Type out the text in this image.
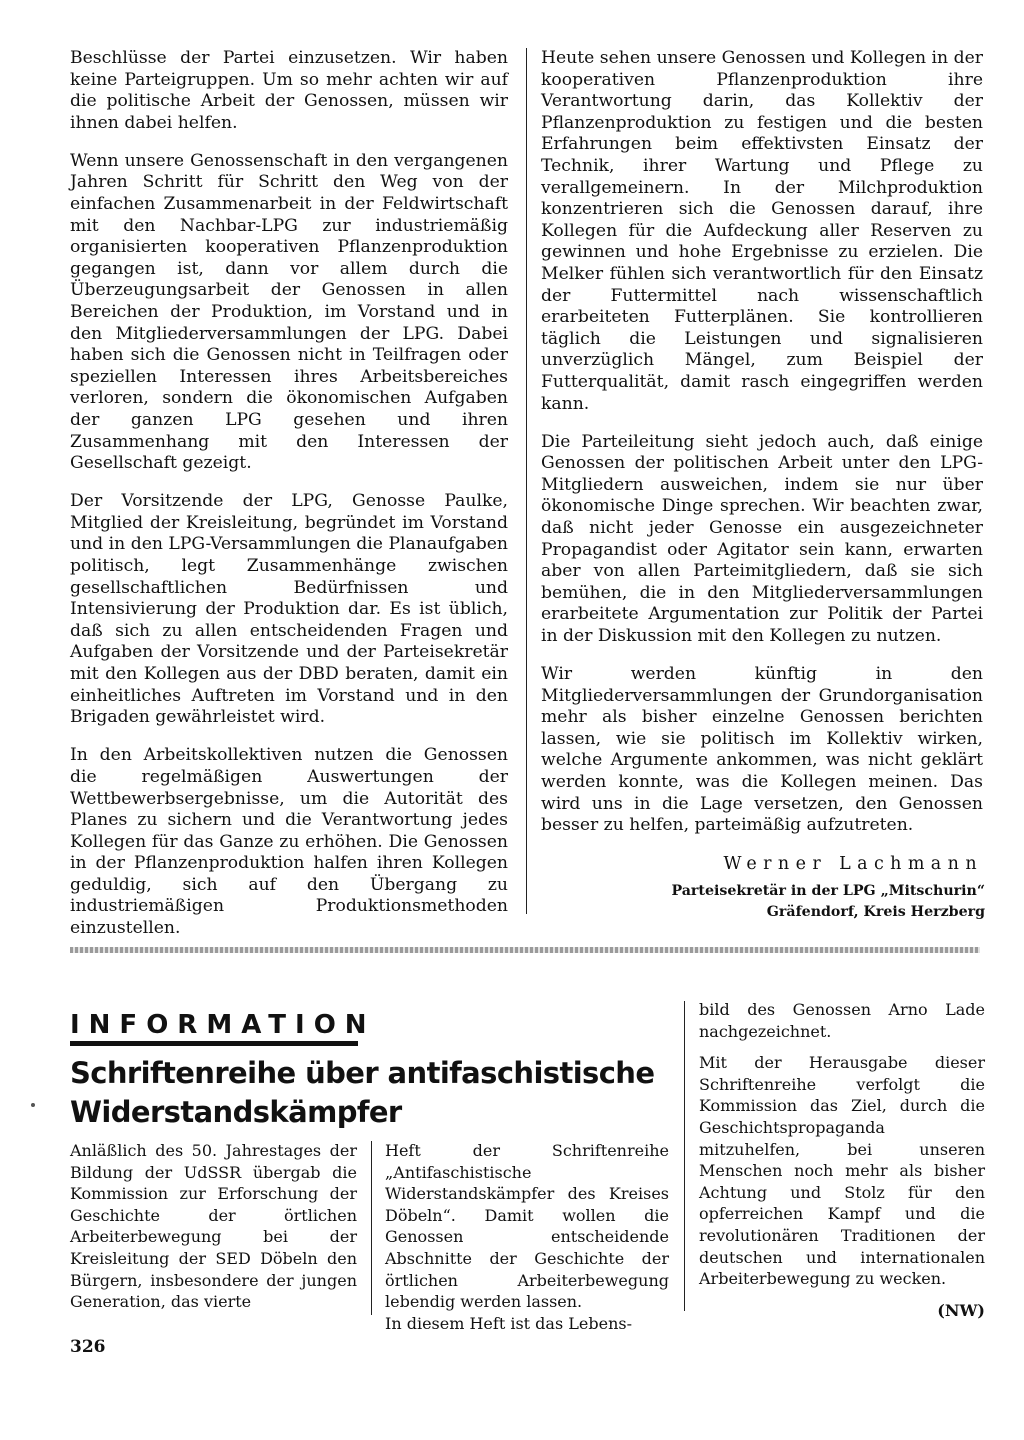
Beschlüsse der Partei einzusetzen. Wir haben keine Parteigruppen. Um so mehr achten wir auf die politische Arbeit der Genossen, müssen wir ihnen dabei helfen.

Wenn unsere Genossenschaft in den vergangenen Jahren Schritt für Schritt den Weg von der einfachen Zusammenarbeit in der Feldwirtschaft mit den Nachbar-LPG zur industriemäßig organisierten kooperativen Pflanzenproduktion gegangen ist, dann vor allem durch die Überzeugungsarbeit der Genossen in allen Bereichen der Produktion, im Vorstand und in den Mitgliederversammlungen der LPG. Dabei haben sich die Genossen nicht in Teilfragen oder speziellen Interessen ihres Arbeitsbereiches verloren, sondern die ökonomischen Aufgaben der ganzen LPG gesehen und ihren Zusammenhang mit den Interessen der Gesellschaft gezeigt.

Der Vorsitzende der LPG, Genosse Paulke, Mitglied der Kreisleitung, begründet im Vorstand und in den LPG-Versammlungen die Planaufgaben politisch, legt Zusammenhänge zwischen gesellschaftlichen Bedürfnissen und Intensivierung der Produktion dar. Es ist üblich, daß sich zu allen entscheidenden Fragen und Aufgaben der Vorsitzende und der Parteisekretär mit den Kollegen aus der DBD beraten, damit ein einheitliches Auftreten im Vorstand und in den Brigaden gewährleistet wird.

In den Arbeitskollektiven nutzen die Genossen die regelmäßigen Auswertungen der Wettbewerbsergebnisse, um die Autorität des Planes zu sichern und die Verantwortung jedes Kollegen für das Ganze zu erhöhen. Die Genossen in der Pflanzenproduktion halfen ihren Kollegen geduldig, sich auf den Übergang zu industriemäßigen Produktionsmethoden einzustellen.

Heute sehen unsere Genossen und Kollegen in der kooperativen Pflanzenproduktion ihre Verantwortung darin, das Kollektiv der Pflanzenproduktion zu festigen und die besten Erfahrungen beim effektivsten Einsatz der Technik, ihrer Wartung und Pflege zu verallgemeinern. In der Milchproduktion konzentrieren sich die Genossen darauf, ihre Kollegen für die Aufdeckung aller Reserven zu gewinnen und hohe Ergebnisse zu erzielen. Die Melker fühlen sich verantwortlich für den Einsatz der Futtermittel nach wissenschaftlich erarbeiteten Futterplänen. Sie kontrollieren täglich die Leistungen und signalisieren unverzüglich Mängel, zum Beispiel der Futterqualität, damit rasch eingegriffen werden kann.

Die Parteileitung sieht jedoch auch, daß einige Genossen der politischen Arbeit unter den LPG-Mitgliedern ausweichen, indem sie nur über ökonomische Dinge sprechen. Wir beachten zwar, daß nicht jeder Genosse ein ausgezeichneter Propagandist oder Agitator sein kann, erwarten aber von allen Parteimitgliedern, daß sie sich bemühen, die in den Mitgliederversammlungen erarbeitete Argumentation zur Politik der Partei in der Diskussion mit den Kollegen zu nutzen.

Wir werden künftig in den Mitgliederversammlungen der Grundorganisation mehr als bisher einzelne Genossen berichten lassen, wie sie politisch im Kollektiv wirken, welche Argumente ankommen, was nicht geklärt werden konnte, was die Kollegen meinen. Das wird uns in die Lage versetzen, den Genossen besser zu helfen, parteimäßig aufzutreten.

Werner Lachmann
Parteisekretär in der LPG „Mitschurin“
Gräfendorf, Kreis Herzberg
INFORMATION
Schriftenreihe über antifaschistische
Widerstandskämpfer

Anläßlich des 50. Jahrestages der Bildung der UdSSR übergab die Kommission zur Erforschung der Geschichte der örtlichen Arbeiterbewegung bei der Kreisleitung der SED Döbeln den Bürgern, insbesondere der jungen Generation, das vierte

Heft der Schriftenreihe „Antifaschistische Widerstandskämpfer des Kreises Döbeln“. Damit wollen die Genossen entscheidende Abschnitte der Geschichte der örtlichen Arbeiterbewegung lebendig werden lassen.

In diesem Heft ist das Lebens-

bild des Genossen Arno Lade nachgezeichnet.

Mit der Herausgabe dieser Schriftenreihe verfolgt die Kommission das Ziel, durch die Geschichtspropaganda mitzuhelfen, bei unseren Menschen noch mehr als bisher Achtung und Stolz für den opferreichen Kampf und die revolutionären Traditionen der deutschen und internationalen Arbeiterbewegung zu wecken.

(NW)
326
